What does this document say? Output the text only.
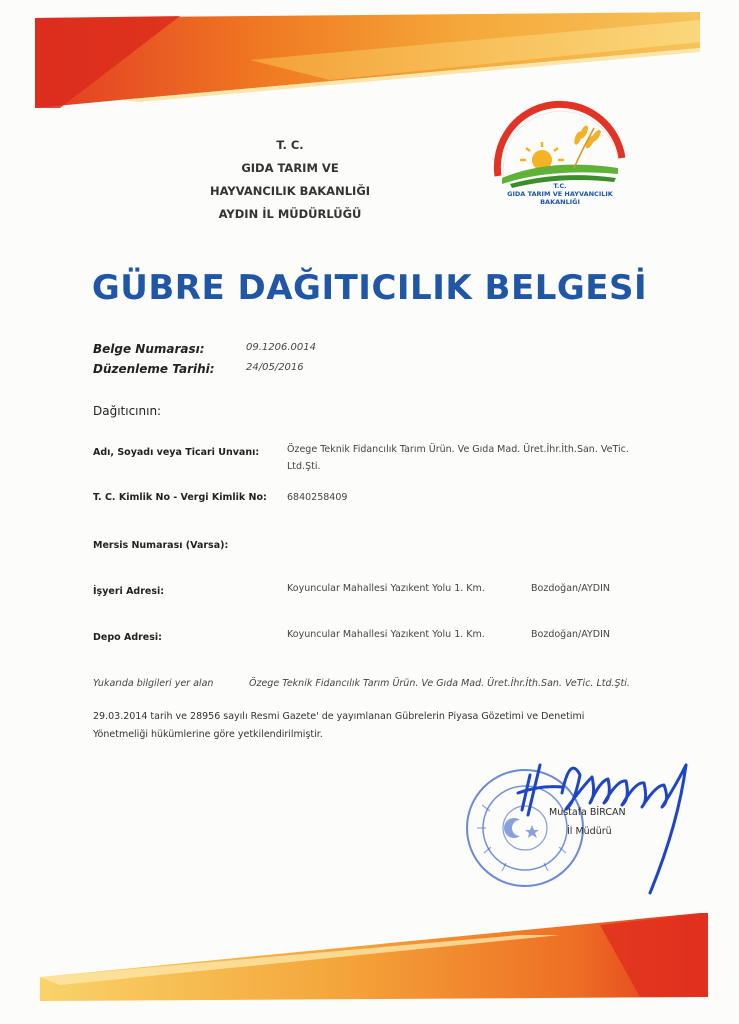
T. C.
GIDA TARIM VE
HAYVANCILIK BAKANLIĞI
AYDIN İL MÜDÜRLÜĞÜ
T.C.
GIDA TARIM VE HAYVANCILIK
BAKANLIĞI
GÜBRE DAĞITICILIK BELGESİ
Belge Numarası:	09.1206.0014
Düzenleme Tarihi:	24/05/2016
Dağıtıcının:
Adı, Soyadı veya Ticari Unvanı:	Özege Teknik Fidancılık Tarım Ürün. Ve Gıda Mad. Üret.İhr.İth.San. VeTic.
Ltd.Şti.
T. C. Kimlik No - Vergi Kimlik No: 6840258409
Mersis Numarası (Varsa):
İşyeri Adresi:	Koyuncular Mahallesi Yazıkent Yolu 1. Km.	Bozdoğan/AYDIN
Depo Adresi:	Koyuncular Mahallesi Yazıkent Yolu 1. Km.	Bozdoğan/AYDIN
Yukarıda bilgileri yer alan	Özege Teknik Fidancılık Tarım Ürün. Ve Gıda Mad. Üret.İhr.İth.San. VeTic. Ltd.Şti.
29.03.2014 tarih ve 28956 sayılı Resmi Gazete' de yayımlanan Gübrelerin Piyasa Gözetimi ve Denetimi
Yönetmeliği hükümlerine göre yetkilendirilmiştir.
Mustafa BİRCAN
İl Müdürü
